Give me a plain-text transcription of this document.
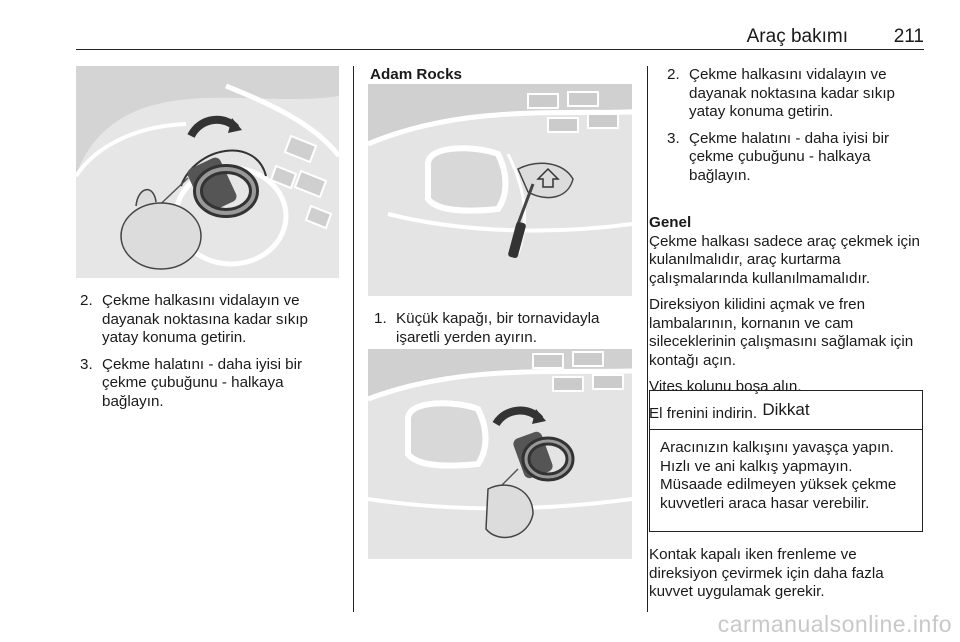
Araç bakımı 211
2. Çekme halkasını vidalayın ve dayanak noktasına kadar sıkıp yatay konuma getirin.
3. Çekme halatını - daha iyisi bir çekme çubuğunu - halkaya bağlayın.
Adam Rocks
1. Küçük kapağı, bir tornavidayla işaretli yerden ayırın.
2. Çekme halkasını vidalayın ve dayanak noktasına kadar sıkıp yatay konuma getirin.
3. Çekme halatını - daha iyisi bir çekme çubuğunu - halkaya bağlayın.
Genel

Çekme halkası sadece araç çekmek için kulanılmalıdır, araç kurtarma çalışmalarında kullanılmamalıdır.

Direksiyon kilidini açmak ve fren lambalarının, kornanın ve cam sileceklerinin çalışmasını sağlamak için kontağı açın.

Vites kolunu boşa alın.

El frenini indirin. Dikkat
Aracınızın kalkışını yavaşça yapın. Hızlı ve ani kalkış yapmayın. Müsaade edilmeyen yüksek çekme kuvvetleri araca hasar verebilir.

Kontak kapalı iken frenleme ve direksiyon çevirmek için daha fazla kuvvet uygulamak gerekir.

carmanualsonline.info
